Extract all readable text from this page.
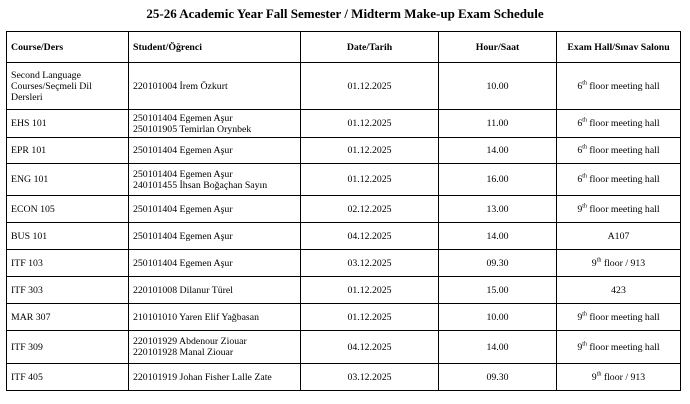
25-26 Academic Year Fall Semester / Midterm Make-up Exam Schedule
Course/Ders	Student/Öğrenci	Date/Tarih	Hour/Saat	Exam Hall/Sınav Salonu

Second Language
Courses/Seçmeli Dil
Dersleri	220101004 İrem Özkurt	01.12.2025	10.00	6th floor meeting hall

EHS 101	250101404 Egemen Aşur
250101905 Temirlan Orynbek	01.12.2025	11.00	6th floor meeting hall

EPR 101	250101404 Egemen Aşur	01.12.2025	14.00	6th floor meeting hall

ENG 101	250101404 Egemen Aşur
240101455 İhsan Boğaçhan Sayın	01.12.2025	16.00	6th floor meeting hall

ECON 105	250101404 Egemen Aşur	02.12.2025	13.00	9th floor meeting hall

BUS 101	250101404 Egemen Aşur	04.12.2025	14.00	A107

ITF 103	250101404 Egemen Aşur	03.12.2025	09.30	9th floor / 913

ITF 303	220101008 Dilanur Türel	01.12.2025	15.00	423

MAR 307	210101010 Yaren Elif Yağbasan	01.12.2025	10.00	9th floor meeting hall

ITF 309	220101929 Abdenour Ziouar
220101928 Manal Ziouar	04.12.2025	14.00	9th floor meeting hall

ITF 405	220101919 Johan Fisher Lalle Zate	03.12.2025	09.30	9th floor / 913
